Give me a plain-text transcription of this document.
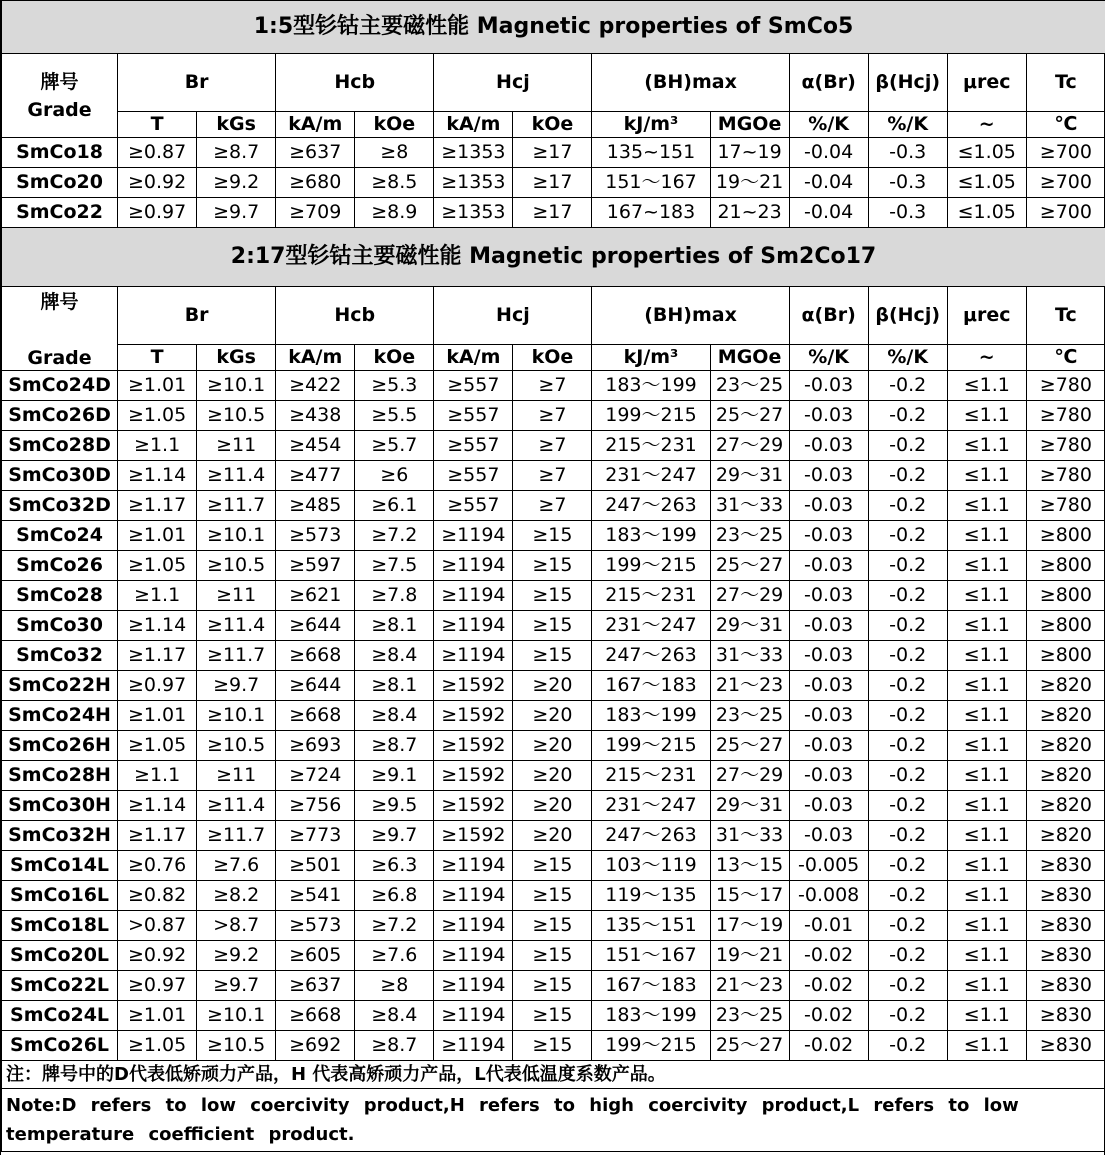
1:5型钐钴主要磁性能 Magnetic properties of SmCo5												

牌号
Grade	Br		Hcb		Hcj		(BH)max		α(Br)	β(Hcj)	μrec	Tc
	T	kGs	kA/m	kOe	kA/m	kOe	kJ/m³	MGOe	%/K	%/K	~	℃
SmCo18	≥0.87	≥8.7	≥637	≥8	≥1353	≥17	135~151	17~19	-0.04	-0.3	≤1.05	≥700
SmCo20	≥0.92	≥9.2	≥680	≥8.5	≥1353	≥17	151～167	19～21	-0.04	-0.3	≤1.05	≥700
SmCo22	≥0.97	≥9.7	≥709	≥8.9	≥1353	≥17	167~183	21~23	-0.04	-0.3	≤1.05	≥700
2:17型钐钴主要磁性能 Magnetic properties of Sm2Co17												

牌号
Grade	Br		Hcb		Hcj		(BH)max		α(Br)	β(Hcj)	μrec	Tc
	T	kGs	kA/m	kOe	kA/m	kOe	kJ/m³	MGOe	%/K	%/K	~	℃
SmCo24D	≥1.01	≥10.1	≥422	≥5.3	≥557	≥7	183～199	23～25	-0.03	-0.2	≤1.1	≥780
SmCo26D	≥1.05	≥10.5	≥438	≥5.5	≥557	≥7	199～215	25～27	-0.03	-0.2	≤1.1	≥780
SmCo28D	≥1.1	≥11	≥454	≥5.7	≥557	≥7	215～231	27～29	-0.03	-0.2	≤1.1	≥780
SmCo30D	≥1.14	≥11.4	≥477	≥6	≥557	≥7	231～247	29～31	-0.03	-0.2	≤1.1	≥780
SmCo32D	≥1.17	≥11.7	≥485	≥6.1	≥557	≥7	247～263	31～33	-0.03	-0.2	≤1.1	≥780
SmCo24	≥1.01	≥10.1	≥573	≥7.2	≥1194	≥15	183～199	23～25	-0.03	-0.2	≤1.1	≥800
SmCo26	≥1.05	≥10.5	≥597	≥7.5	≥1194	≥15	199～215	25～27	-0.03	-0.2	≤1.1	≥800
SmCo28	≥1.1	≥11	≥621	≥7.8	≥1194	≥15	215～231	27～29	-0.03	-0.2	≤1.1	≥800
SmCo30	≥1.14	≥11.4	≥644	≥8.1	≥1194	≥15	231～247	29～31	-0.03	-0.2	≤1.1	≥800
SmCo32	≥1.17	≥11.7	≥668	≥8.4	≥1194	≥15	247～263	31～33	-0.03	-0.2	≤1.1	≥800
SmCo22H	≥0.97	≥9.7	≥644	≥8.1	≥1592	≥20	167～183	21～23	-0.03	-0.2	≤1.1	≥820
SmCo24H	≥1.01	≥10.1	≥668	≥8.4	≥1592	≥20	183～199	23～25	-0.03	-0.2	≤1.1	≥820
SmCo26H	≥1.05	≥10.5	≥693	≥8.7	≥1592	≥20	199～215	25～27	-0.03	-0.2	≤1.1	≥820
SmCo28H	≥1.1	≥11	≥724	≥9.1	≥1592	≥20	215～231	27～29	-0.03	-0.2	≤1.1	≥820
SmCo30H	≥1.14	≥11.4	≥756	≥9.5	≥1592	≥20	231～247	29～31	-0.03	-0.2	≤1.1	≥820
SmCo32H	≥1.17	≥11.7	≥773	≥9.7	≥1592	≥20	247～263	31～33	-0.03	-0.2	≤1.1	≥820
SmCo14L	≥0.76	≥7.6	≥501	≥6.3	≥1194	≥15	103～119	13～15	-0.005	-0.2	≤1.1	≥830
SmCo16L	≥0.82	≥8.2	≥541	≥6.8	≥1194	≥15	119～135	15～17	-0.008	-0.2	≤1.1	≥830
SmCo18L	>0.87	>8.7	≥573	≥7.2	≥1194	≥15	135～151	17～19	-0.01	-0.2	≤1.1	≥830
SmCo20L	≥0.92	≥9.2	≥605	≥7.6	≥1194	≥15	151～167	19～21	-0.02	-0.2	≤1.1	≥830
SmCo22L	≥0.97	≥9.7	≥637	≥8	≥1194	≥15	167～183	21～23	-0.02	-0.2	≤1.1	≥830
SmCo24L	≥1.01	≥10.1	≥668	≥8.4	≥1194	≥15	183～199	23～25	-0.02	-0.2	≤1.1	≥830
SmCo26L	≥1.05	≥10.5	≥692	≥8.7	≥1194	≥15	199～215	25～27	-0.02	-0.2	≤1.1	≥830
注：牌号中的D代表低矫顽力产品，H 代表高矫顽力产品，L代表低温度系数产品。												
Note:D refers to low coercivity product,H refers to high coercivity product,L refers to low temperature coefficient product.												
